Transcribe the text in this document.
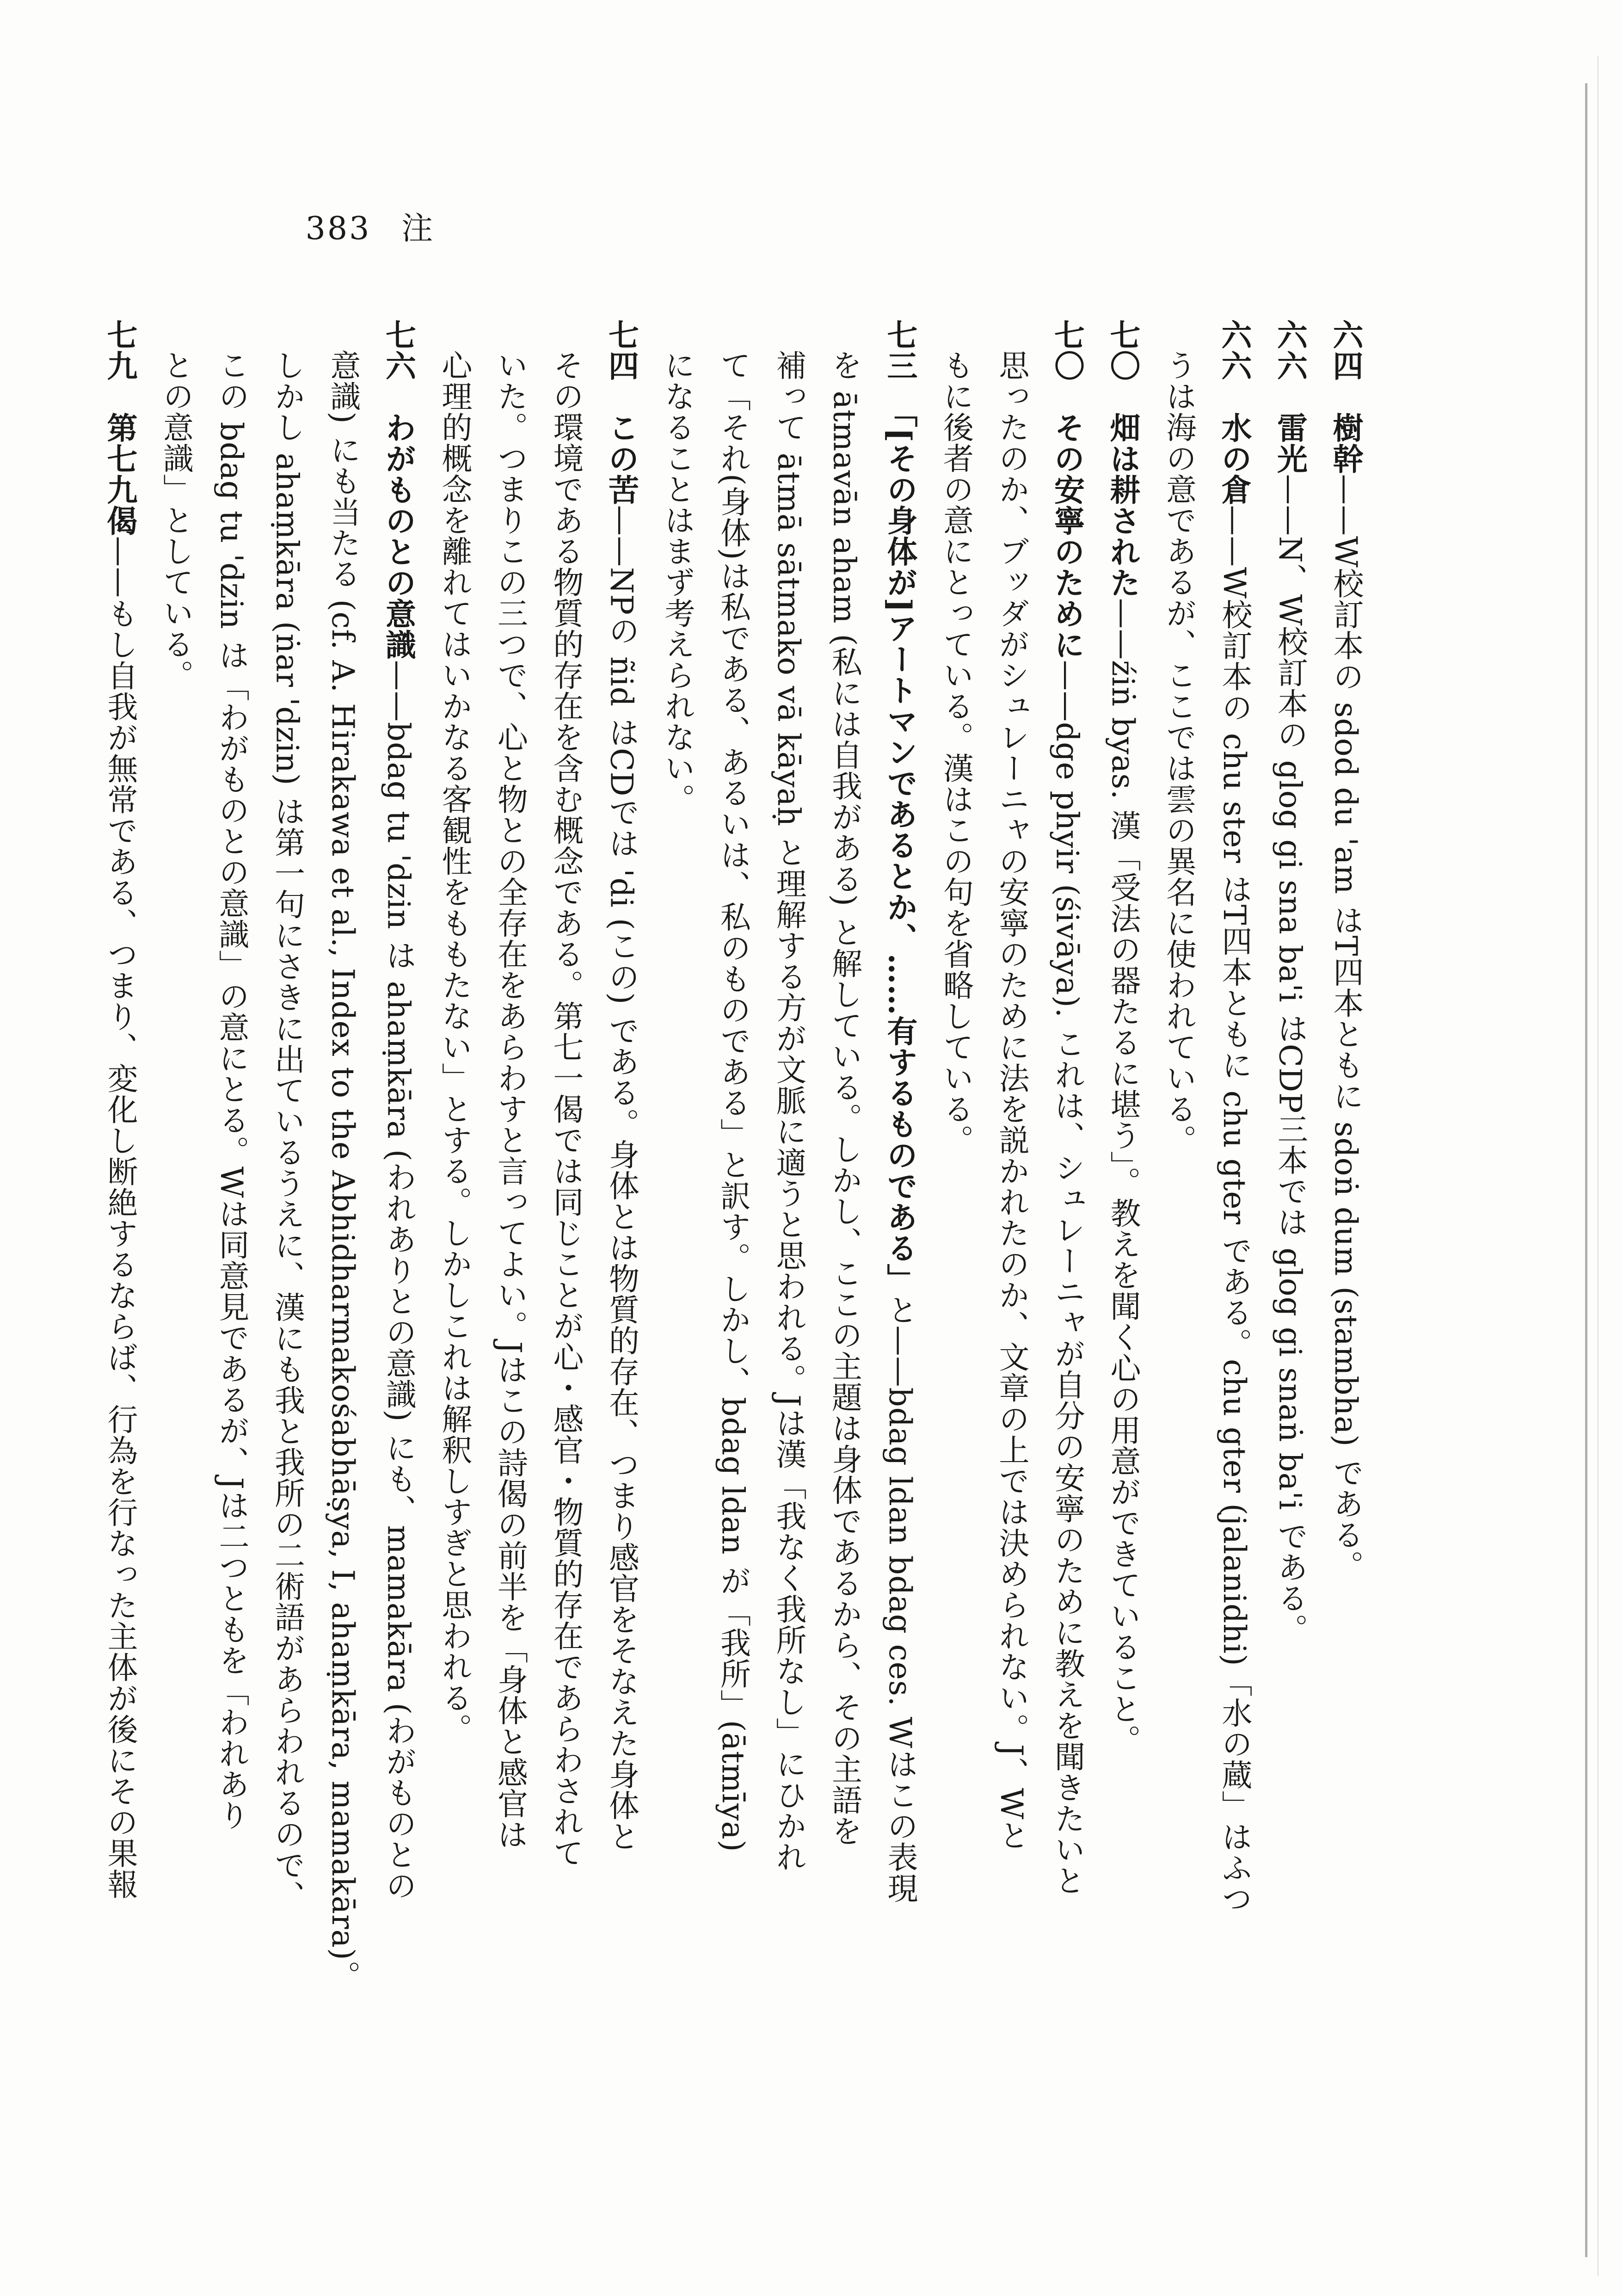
383 注

六四　樹幹——W校訂本の sdod du 'am はT四本ともに sdoṅ dum (stambha) である。

六六　雷光——N、W校訂本の glog gi sna ba'i はCDP三本では glog gi snaṅ ba'i である。

六六　水の倉——W校訂本の chu ster はT四本ともに chu gter である。chu gter (jalanidhi)「水の蔵」はふつ

うは海の意であるが、ここでは雲の異名に使われている。

七〇　畑は耕された——źiṅ byas. 漢「受法の器たるに堪う」。教えを聞く心の用意ができていること。

七〇　その安寧のために——dge phyir (śivāya). これは、シュレーニャが自分の安寧のために教えを聞きたいと

思ったのか、ブッダがシュレーニャの安寧のために法を説かれたのか、文章の上では決められない。J、Wと

もに後者の意にとっている。漢はこの句を省略している。

七三　「[その身体が]アートマンであるとか、……有するものである」と——bdag ldan bdag ces. Wはこの表現

を ātmavān aham (私には自我がある) と解している。しかし、ここの主題は身体であるから、その主語を

補って ātmā sātmako vā kāyaḥ と理解する方が文脈に適うと思われる。Jは漢「我なく我所なし」にひかれ

て「それ(身体)は私である、あるいは、私のものである」と訳す。しかし、bdag ldan が「我所」(ātmīya)

になることはまず考えられない。

七四　この苦——NPの ñid はCDでは 'di (この) である。身体とは物質的存在、つまり感官をそなえた身体と

その環境である物質的存在を含む概念である。第七一偈では同じことが心・感官・物質的存在であらわされて

いた。つまりこの三つで、心と物との全存在をあらわすと言ってよい。Jはこの詩偈の前半を「身体と感官は

心理的概念を離れてはいかなる客観性をももたない」とする。しかしこれは解釈しすぎと思われる。

七六　わがものとの意識——bdag tu 'dzin は ahaṃkāra (われありとの意識) にも、mamakāra (わがものとの

意識) にも当たる (cf. A. Hirakawa et al., Index to the Abhidharmakośabhāṣya, I, ahaṃkāra, mamakāra)。

しかし ahaṃkāra (ṅar 'dzin) は第一句にさきに出ているうえに、漢にも我と我所の二術語があらわれるので、

この bdag tu 'dzin は「わがものとの意識」の意にとる。Wは同意見であるが、Jは二つともを「われあり

との意識」としている。

七九　第七九偈——もし自我が無常である、つまり、変化し断絶するならば、行為を行なった主体が後にその果報
